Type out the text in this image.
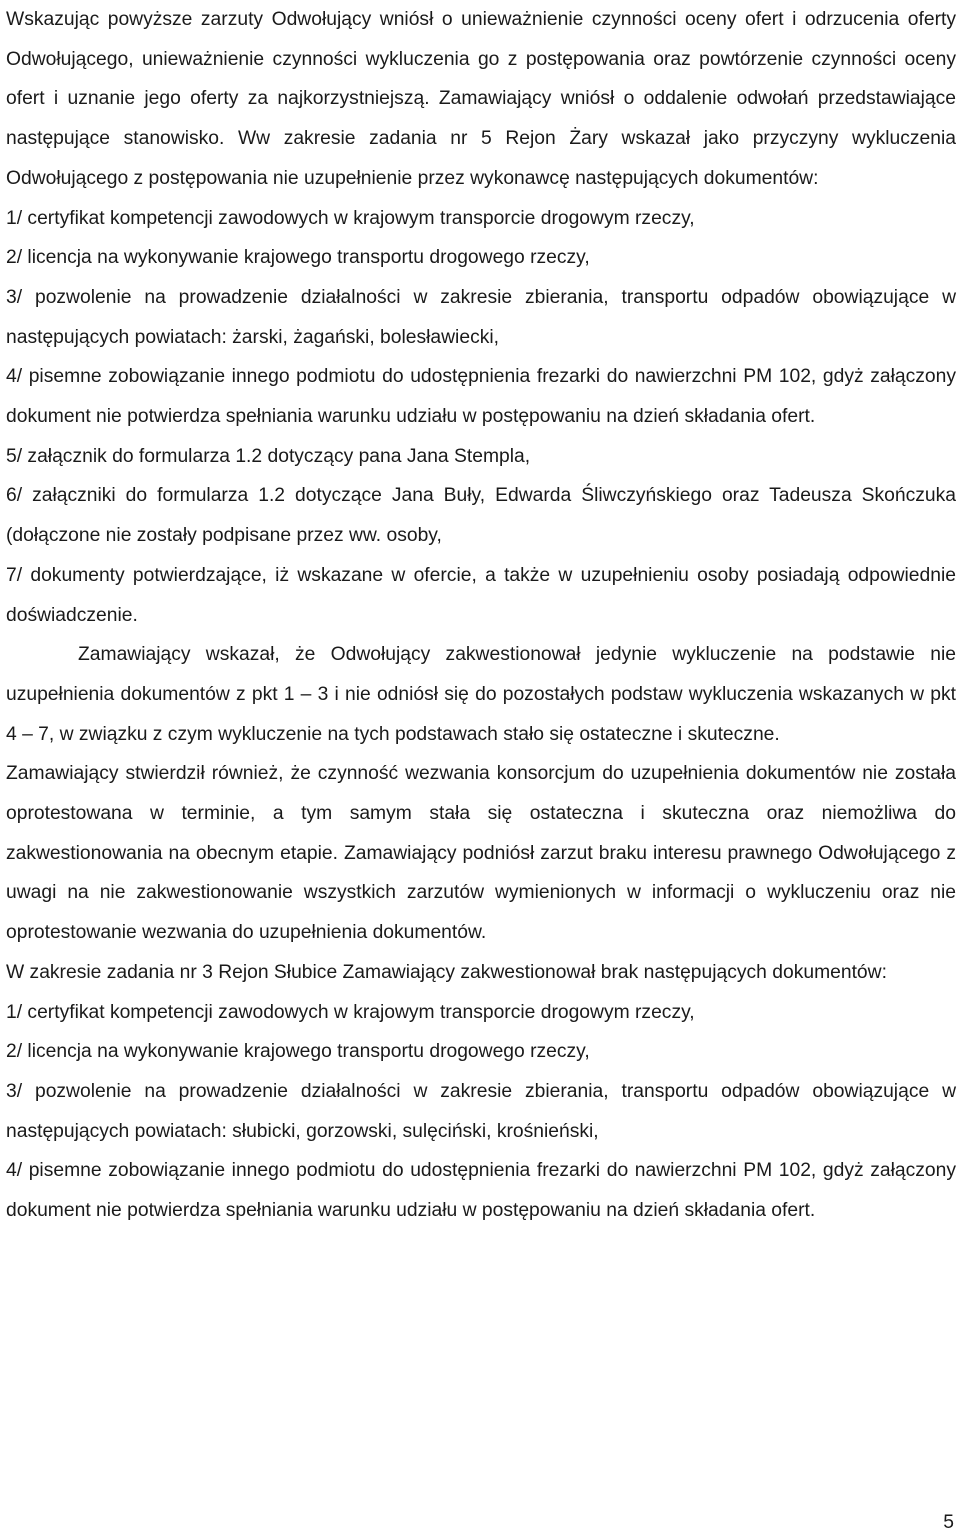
Wskazując powyższe zarzuty Odwołujący wniósł o unieważnienie czynności oceny ofert i odrzucenia oferty Odwołującego, unieważnienie czynności wykluczenia go z postępowania oraz powtórzenie czynności oceny ofert i uznanie jego oferty za najkorzystniejszą. Zamawiający wniósł o oddalenie odwołań przedstawiające następujące stanowisko. Ww zakresie zadania nr 5 Rejon Żary wskazał jako przyczyny wykluczenia Odwołującego z postępowania nie uzupełnienie przez wykonawcę następujących dokumentów:

1/ certyfikat kompetencji zawodowych w krajowym transporcie drogowym rzeczy,

2/ licencja na wykonywanie krajowego transportu drogowego rzeczy,

3/ pozwolenie na prowadzenie działalności w zakresie zbierania, transportu odpadów obowiązujące w następujących powiatach: żarski, żagański, bolesławiecki,

4/ pisemne zobowiązanie innego podmiotu do udostępnienia frezarki do nawierzchni PM 102, gdyż załączony dokument nie potwierdza spełniania warunku udziału w postępowaniu na dzień składania ofert.

5/ załącznik do formularza 1.2 dotyczący pana Jana Stempla,

6/ załączniki do formularza 1.2 dotyczące Jana Buły, Edwarda Śliwczyńskiego oraz Tadeusza Skończuka (dołączone nie zostały podpisane przez ww. osoby,

7/ dokumenty potwierdzające, iż wskazane w ofercie, a także w uzupełnieniu osoby posiadają odpowiednie doświadczenie.

Zamawiający wskazał, że Odwołujący zakwestionował jedynie wykluczenie na podstawie nie uzupełnienia dokumentów z pkt 1 – 3 i nie odniósł się do pozostałych podstaw wykluczenia wskazanych w pkt 4 – 7, w związku z czym wykluczenie na tych podstawach stało się ostateczne i skuteczne.

Zamawiający stwierdził również, że czynność wezwania konsorcjum do uzupełnienia dokumentów nie została oprotestowana w terminie, a tym samym stała się ostateczna i skuteczna oraz niemożliwa do zakwestionowania na obecnym etapie. Zamawiający podniósł zarzut braku interesu prawnego Odwołującego z uwagi na nie zakwestionowanie wszystkich zarzutów wymienionych w informacji o wykluczeniu oraz nie oprotestowanie wezwania do uzupełnienia dokumentów.

W zakresie zadania nr 3 Rejon Słubice Zamawiający zakwestionował brak następujących dokumentów:

1/ certyfikat kompetencji zawodowych w krajowym transporcie drogowym rzeczy,

2/ licencja na wykonywanie krajowego transportu drogowego rzeczy,

3/ pozwolenie na prowadzenie działalności w zakresie zbierania, transportu odpadów obowiązujące w następujących powiatach: słubicki, gorzowski, sulęciński, krośnieński,

4/ pisemne zobowiązanie innego podmiotu do udostępnienia frezarki do nawierzchni PM 102, gdyż załączony dokument nie potwierdza spełniania warunku udziału w postępowaniu na dzień składania ofert.

5
